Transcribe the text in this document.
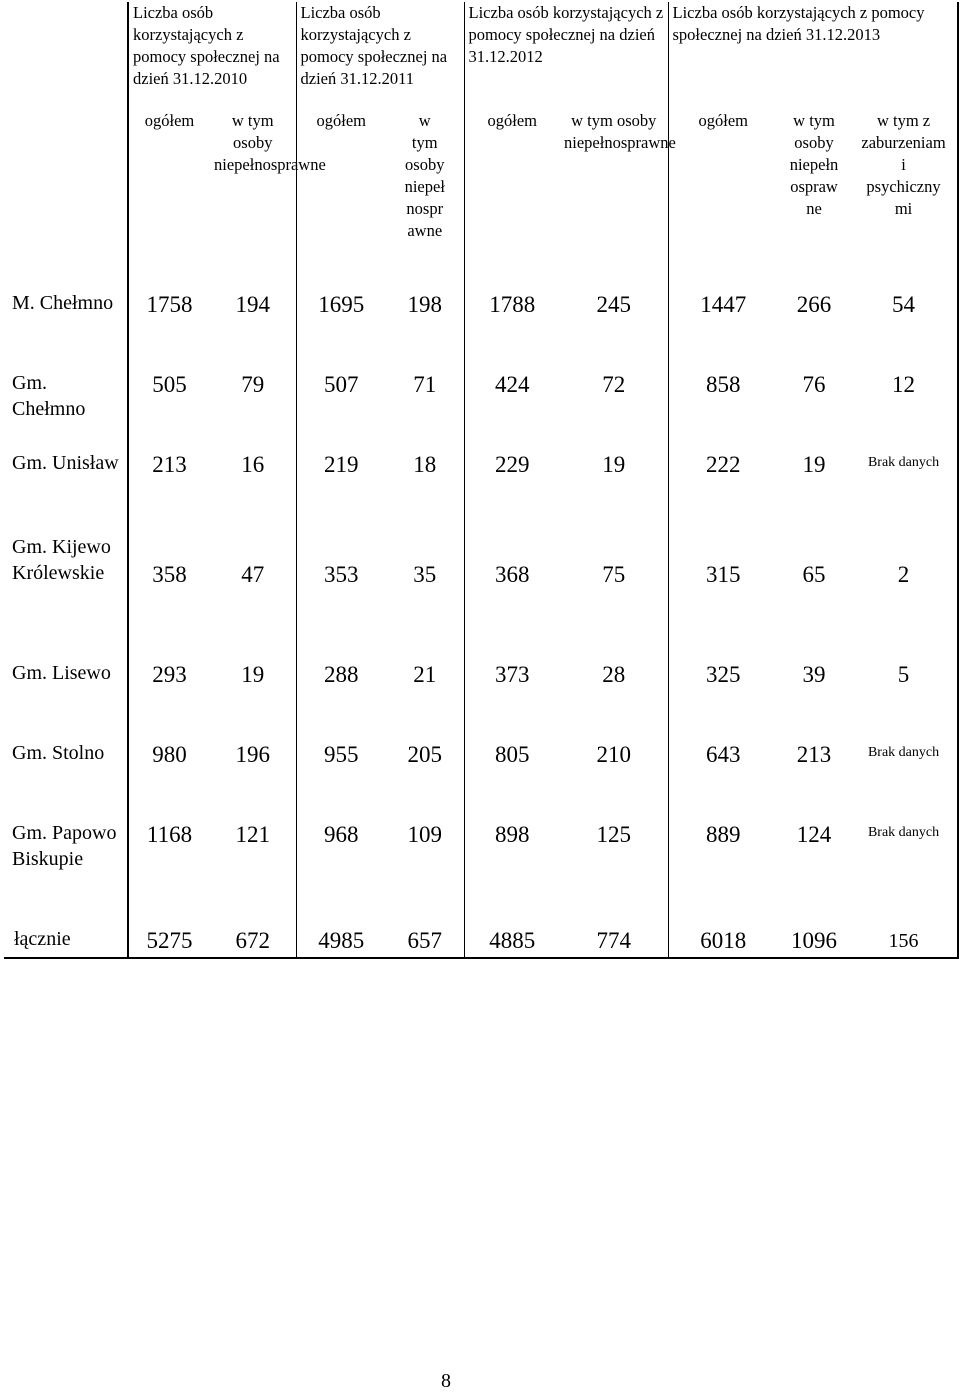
	Liczba osób korzystających z pomocy społecznej na dzień 31.12.2010		Liczba osób korzystających z pomocy społecznej na dzień 31.12.2011		Liczba osób korzystających z pomocy społecznej na dzień 31.12.2012		Liczba osób korzystających z pomocy społecznej na dzień 31.12.2013		
	ogółem	w tym osoby niepełnosprawne	ogółem	w tym osoby niepełnosprawne	ogółem	w tym osoby niepełnosprawne	ogółem	w tym osoby niepełnosprawne	w tym z zaburzeniami psychicznymi
M. Chełmno	1758	194	1695	198	1788	245	1447	266	54
Gm. Chełmno	505	79	507	71	424	72	858	76	12
Gm. Unisław	213	16	219	18	229	19	222	19	Brak danych
Gm. Kijewo Królewskie	358	47	353	35	368	75	315	65	2
Gm. Lisewo	293	19	288	21	373	28	325	39	5
Gm. Stolno	980	196	955	205	805	210	643	213	Brak danych
Gm. Papowo Biskupie	1168	121	968	109	898	125	889	124	Brak danych
łącznie	5275	672	4985	657	4885	774	6018	1096	156
8
